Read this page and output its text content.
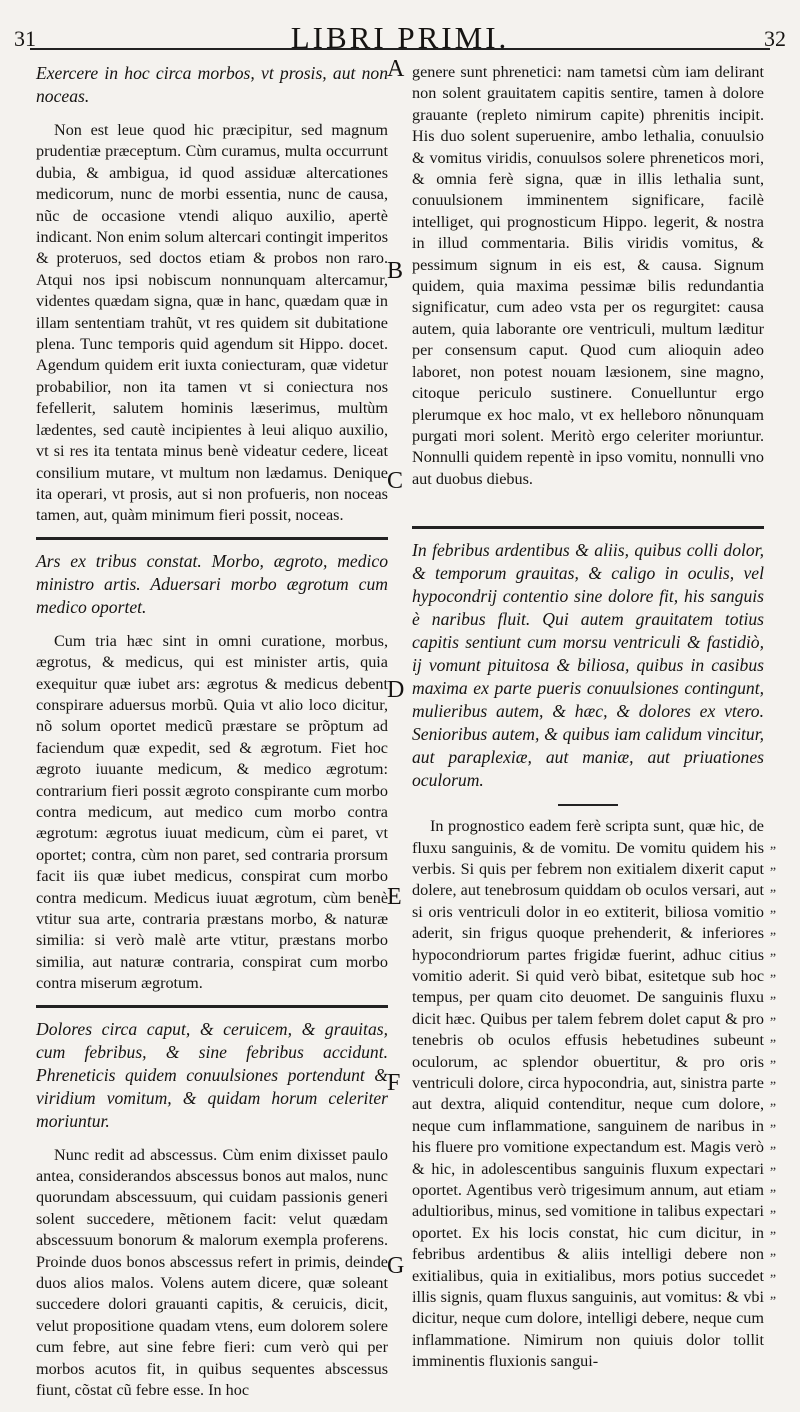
31	LIBRI PRIMI.	32

Exercere in hoc circa morbos, vt prosis, aut non noceas.

Non est leue quod hic præcipitur, sed magnum prudentiæ præceptum. Cùm curamus, multa occurrunt dubia, & ambigua, id quod assiduæ altercationes medicorum, nunc de morbi essentia, nunc de causa, nũc de occasione vtendi aliquo auxilio, apertè indicant. Non enim solum altercari contingit imperitos & proteruos, sed doctos etiam & probos non raro. Atqui nos ipsi nobiscum nonnunquam altercamur, videntes quædam signa, quæ in hanc, quædam quæ in illam sententiam trahũt, vt res quidem sit dubitatione plena. Tunc temporis quid agendum sit Hippo. docet. Agendum quidem erit iuxta coniecturam, quæ videtur probabilior, non ita tamen vt si coniectura nos fefellerit, salutem hominis læserimus, multùm lædentes, sed cautè incipientes à leui aliquo auxilio, vt si res ita tentata minus benè videatur cedere, liceat consilium mutare, vt multum non lædamus. Denique ita operari, vt prosis, aut si non profueris, non noceas tamen, aut, quàm minimum fieri possit, noceas.

Ars ex tribus constat. Morbo, ægroto, medico ministro artis. Aduersari morbo ægrotum cum medico oportet.

Cum tria hæc sint in omni curatione, morbus, ægrotus, & medicus, qui est minister artis, quia exequitur quæ iubet ars: ægrotus & medicus debent conspirare aduersus morbũ. Quia vt alio loco dicitur, nõ solum oportet medicũ præstare se prõptum ad faciendum quæ expedit, sed & ægrotum. Fiet hoc ægroto iuuante medicum, & medico ægrotum: contrarium fieri possit ægroto conspirante cum morbo contra medicum, aut medico cum morbo contra ægrotum: ægrotus iuuat medicum, cùm ei paret, vt oportet; contra, cùm non paret, sed contraria prorsum facit iis quæ iubet medicus, conspirat cum morbo contra medicum. Medicus iuuat ægrotum, cùm benè vtitur sua arte, contraria præstans morbo, & naturæ similia: si verò malè arte vtitur, præstans morbo similia, aut naturæ contraria, conspirat cum morbo contra miserum ægrotum.

Dolores circa caput, & ceruicem, & grauitas, cum febribus, & sine febribus accidunt. Phreneticis quidem conuulsiones portendunt & viridium vomitum, & quidam horum celeriter moriuntur.

Nunc redit ad abscessus. Cùm enim dixisset paulo antea, considerandos abscessus bonos aut malos, nunc quorundam abscessuum, qui cuidam passionis generi solent succedere, mẽtionem facit: velut quædam abscessuum bonorum & malorum exempla proferens. Proinde duos bonos abscessus refert in primis, deinde duos alios malos. Volens autem dicere, quæ soleant succedere dolori grauanti capitis, & ceruicis, dicit, velut propositione quadam vtens, eum dolorem solere cum febre, aut sine febre fieri: cum verò qui per morbos acutos fit, in quibus sequentes abscessus fiunt, cõstat cũ febre esse. In hoc

A
B
C
D
E
F
G

genere sunt phrenetici: nam tametsi cùm iam delirant non solent grauitatem capitis sentire, tamen à dolore grauante (repleto nimirum capite) phrenitis incipit. His duo solent superuenire, ambo lethalia, conuulsio & vomitus viridis, conuulsos solere phreneticos mori, & omnia ferè signa, quæ in illis lethalia sunt, conuulsionem imminentem significare, facilè intelliget, qui prognosticum Hippo. legerit, & nostra in illud commentaria. Bilis viridis vomitus, & pessimum signum in eis est, & causa. Signum quidem, quia maxima pessimæ bilis redundantia significatur, cum adeo vsta per os regurgitet: causa autem, quia laborante ore ventriculi, multum læditur per consensum caput. Quod cum alioquin adeo laboret, non potest nouam læsionem, sine magno, citoque periculo sustinere. Conuelluntur ergo plerumque ex hoc malo, vt ex helleboro nõnunquam purgati mori solent. Meritò ergo celeriter moriuntur. Nonnulli quidem repentè in ipso vomitu, nonnulli vno aut duobus diebus.

In febribus ardentibus & aliis, quibus colli dolor, & temporum grauitas, & caligo in oculis, vel hypocondrij contentio sine dolore fit, his sanguis è naribus fluit. Qui autem grauitatem totius capitis sentiunt cum morsu ventriculi & fastidiò, ij vomunt pituitosa & biliosa, quibus in casibus maxima ex parte pueris conuulsiones contingunt, mulieribus autem, & hæc, & dolores ex vtero. Senioribus autem, & quibus iam calidum vincitur, aut paraplexiæ, aut maniæ, aut priuationes oculorum.

In prognostico eadem ferè scripta sunt, quæ hic, de fluxu sanguinis, & de vomitu. De vomitu quidem his verbis. Si quis per febrem non exitialem dixerit caput dolere, aut tenebrosum quiddam ob oculos versari, aut si oris ventriculi dolor in eo extiterit, biliosa vomitio aderit, sin frigus quoque prehenderit, & inferiores hypocondriorum partes frigidæ fuerint, adhuc citius vomitio aderit. Si quid verò bibat, esitetque sub hoc tempus, per quam cito deuomet. De sanguinis fluxu dicit hæc. Quibus per talem febrem dolet caput & pro tenebris ob oculos effusis hebetudines subeunt oculorum, ac splendor obuertitur, & pro oris ventriculi dolore, circa hypocondria, aut, sinistra parte aut dextra, aliquid contenditur, neque cum dolore, neque cum inflammatione, sanguinem de naribus in his fluere pro vomitione expectandum est. Magis verò & hic, in adolescentibus sanguinis fluxum expectari oportet. Agentibus verò trigesimum annum, aut etiam adultioribus, minus, sed vomitione in talibus expectari oportet. Ex his locis constat, hic cum dicitur, in febribus ardentibus & aliis intelligi debere non exitialibus, quia in exitialibus, mors potius succedet illis signis, quam fluxus sanguinis, aut vomitus: & vbi dicitur, neque cum dolore, intelligi debere, neque cum inflammatione. Nimirum non quiuis dolor tollit imminentis fluxionis sangui-

„
„
„
„
„
„
„
„
„
„
„
„
„
„
„
„
„
„
„
„
„
„
